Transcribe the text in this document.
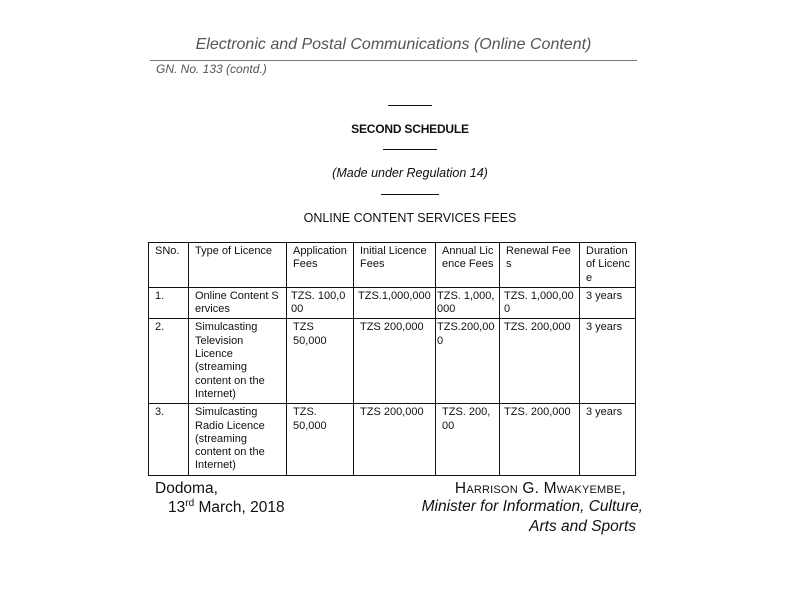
Electronic and Postal Communications (Online Content)
GN. No. 133 (contd.)
SECOND SCHEDULE
(Made under Regulation 14)
ONLINE CONTENT SERVICES FEES
SNo.	Type of Licence	Application Fees	Initial Licence Fees	Annual Licence Fees	Renewal Fees	Duration of Licence
1.	Online Content Services	TZS. 100,000	TZS.1,000,000	TZS. 1,000,000	TZS. 1,000,000	3 years
2.	Simulcasting Television Licence (streaming content on the Internet)	TZS 50,000	TZS 200,000	TZS.200,000	TZS. 200,000	3 years
3.	Simulcasting Radio Licence (streaming content on the Internet)	TZS. 50,000	TZS 200,000	TZS. 200,00	TZS. 200,000	3 years
Dodoma,
13rd March, 2018
Harrison G. Mwakyembe,
Minister for Information, Culture,
Arts and Sports
